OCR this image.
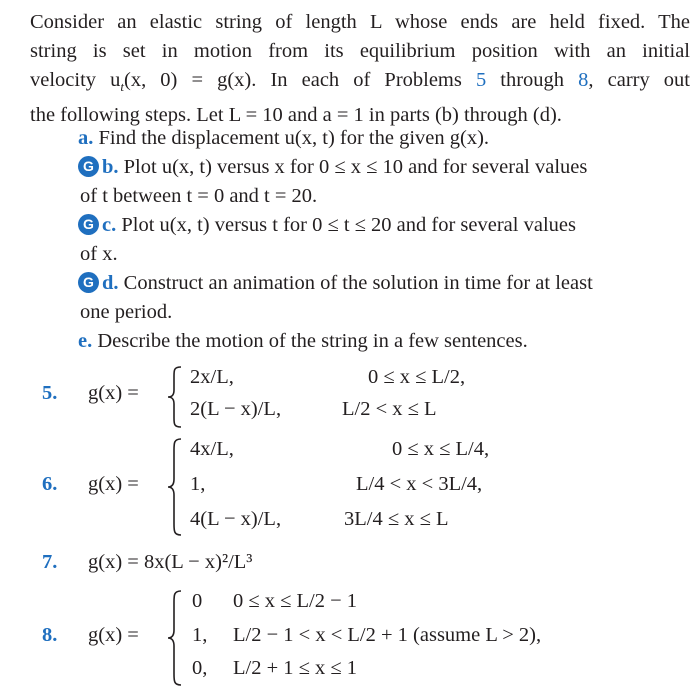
Consider an elastic string of length L whose ends are held fixed. The

string is set in motion from its equilibrium position with an initial

velocity $u_t(x$, 0) = g(x). In each of Problems 5 through 8, carry out

the following steps. Let L = 10 and a = 1 in parts (b) through (d).

a. Find the displacement u(x, t) for the given g(x).
G b. Plot u(x, t) versus x for 0 ≤ x ≤ 10 and for several values
of t between t = 0 and t = 20.
G c. Plot u(x, t) versus t for 0 ≤ t ≤ 20 and for several values
of x.
G d. Construct an animation of the solution in time for at least
one period.
e. Describe the motion of the string in a few sentences.
5. g(x) =
2x/L,	0 ≤ x ≤ L/2,
2(L − x)/L,	L/2 < x ≤ L
6. g(x) =
4x/L,	0 ≤ x ≤ L/4,
1,	L/4 < x < 3L/4,
4(L − x)/L,	3L/4 ≤ x ≤ L
7. g(x) = 8x(L − x)²/L³
8. g(x) =
0 0 ≤ x ≤ L/2 − 1
1, L/2 − 1 < x < L/2 + 1 (assume L > 2),
0, L/2 + 1 ≤ x ≤ 1
